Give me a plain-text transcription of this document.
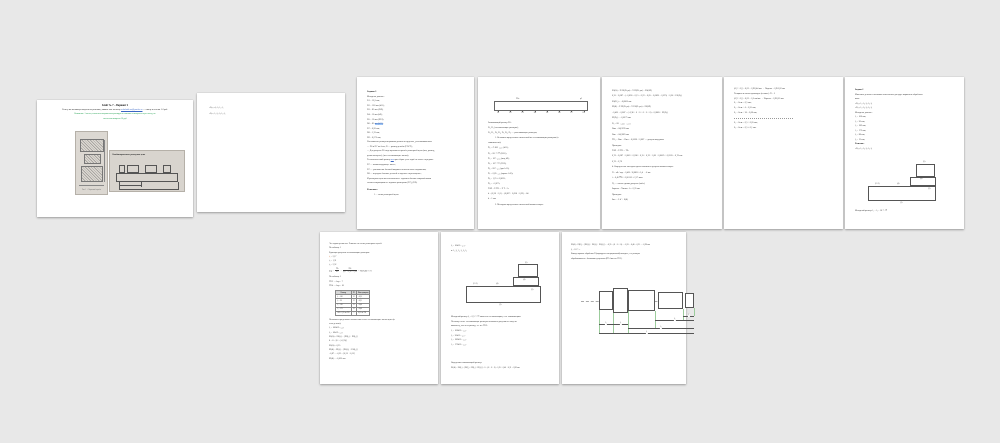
Зачёт № 7 – Вариант 2
Если у вас возникнут вопросы по решению, пишите мне на почту reshebnik.vm@yandex.ru — отвечу в течение 1-2 раб.
Внимание: 1 месяц с момента покупки консультирую и отвечаю на вопросы через почту, по
истечении вопросы 10 руб
Рис. 1 – Сборочный чертёж
Комбинированная размерная цепь
«D₅»; d₁; l₁; l₂; l₃
«D₁»; l₁; l₂; l₄; l₅; l₆
Задача 1
Исходные данные:
D1 = 10,5 мм;
D2 = 100 мм (h11);
D3 = 85 мм (JS9);
D4 = 10 мм (h9);
D5 = 10 мм (H12);
D6 = 85 мм (h11);
D7 = 0,85 мм;
D8 = 1,25 мм;
D9 = 0,075 мм;
Уменьшение размеров крышки должно в пределах, устанавливаемых:
— D5 и D7 на болт; D — размер резьбы (ГОСТ);
— Для допуска D5 надо произвести расчёт размерной цепи (вал, размер,
длина которого); (все составляющие звенья);
Технологический размер вал при сборке узла задаёт в классе передачи:
D7 — компенсирующее звено;
D7 — уменьшение базовой ширины относительно сопряжения;
D8 — передача базовых деталей в заданное перемещение;
И размерная цепь восстановления с заданием базово-сопряжёнными
соответствующими по заданию размерами (D7), (D9):
Решение:
1. – схема размерной цепи
D5ₙ	p3
D1	D2	D3	D4	D5	D6	D7	D8
Замыкающий размер D5:
D₁, D₂ (составляющие размеры);
D₃, D₄, D₅, D₆, D₇, D₈, D₉ — уменьшающие размеры;
1. Величина предельных отклонений по составляющим размерам (в
зависимости):
D̄₂ = ∅100₋₀,₀₈₇ (h11);
D̄₃ = 85⁺⁰·⁰⁸⁷ (JS11);
D̄₄ = 10⁰₋₀,₀₃₆ (мод h9);
D̄₅ = 10⁰⁺⁰·¹⁵ (H12);
D̄₆ = 85⁰₋₀,₂₂ (две h11);
D̄₇ = 0,85₋₀,₀₅ (прокл. h12);
D̄₈ = 1,25 ± 0,0625;
D̄₉ = ± 0,075;
TΔΣ = Σ TDᵢ = Σ Tᵢ + h
h = (0,20 + 0,1) − (0,087 + 0,036 + 0,22) = 64
h = 1 мм
2. Методика предельных отклонений компенсатора:
ES(Δ) = Σ ES(D̄ᵢ ув) − Σ EI(D̄ᵢ ум) = ES(ΔΣ)
0,35 + 0,087 = (−0,036 − 0,15 − 0,22 − 0,05 − 0,0625 − 0,075) + 0,36 + ES(D₃)
ES(D₃) = −0,6805 мм
EI(Δ) = Σ EI(D̄ᵢ ув) − Σ ES(D̄ᵢ ум) = EI(ΔΣ)
−0,435 − 0,087 = (−0,36 + 0 + 0 + 0 + 0 + 0) − 0,0805 + EI(D₃)
EI(D₃) = −0,6175 мм
D₃ = 85 ₋₀,₆₈₀₅ ₋₀,₆₁₇₅
Dₘᵢₙ = 84,3195 мм
Dₘₐₓ = 84,3825 мм
TD₃ = Dₘₐₓ − Dₘᵢₙ = 0,0630 < 0,087 — допуск выдержан
Проверка:
TΔΣ = Σ TDᵢ = TΔ
0,70 = 0,087 + 0,063 + 0,036 + 0,15 + 0,22 + 0,05 + 0,0625 + 0,0315 = 0,70 мм
0,70 = 0,70
4. Определение методом одного квалитета допуска компенсатора:
N = aΔ / aср = 0,435 / 0,0805 ≈ 5,4 → 6 шт
i = 0,45·∛D + 0,001·D ≈ 2,17 мкм
N₀ — число единиц допуска (табл.)
Δпрокл = Nкомп · h = 0,35 мм
Проверка:
Sₘₐₓ = 2·h′ + S(Δ)
(0,2 ÷ 0,1) · 0,02 = 0,9/0,44 мм → Nпрокл = 0,9/0,02 мм
Толщина и число прокладок (в запас): N = 5
(0,9 ÷ 0,1) · 0,02 = 0,5 мм/шт → Nпрокл = 0,9/0,05 мм
S̄₁ = S̄ₙₒₘ = 0,5 мм;
S̄₂ = S̄ₙₒₘ + δ = 0,55 мм;
S̄₃ = S̄ₙₒₘ + 2δ = 0,60 мм;
S̄₄ = S̄ₙₒₘ = 0,5 + 0,05 мм;
S̄₅ = S̄ₙₒₘ = 0,5 ± 0,1 мм.
Задача 2
Изменить детали и назначить отклонения для двух вариантов обработки
вала:
«D₅»; l₁; l₂; l₃; l₄; l₅
«D₁»; l₁; l₂; l₃; l₄; l₅
Исходные данные:
l₁ = 100 мм;
l₂ = 20 мм;
l₃ = 182 мм;
l₄ = 172 мм;
l₅ = 88 мм;
l₆ = 12 мм;
Решение:
«D₅»; l₁; l₂; l₃; l₄; l₅
(5)
(4)
(2÷6)	(4)
(3)
(1)
Исходный размер: l₄ = l₅ = 10⁺⁰·⁰²²
Эта задача решается. Решение по схеме размерных цепей.
По таблице 1
Единицы допусков составляющих размеров:
i₁ = 2,17
i₂ = 1,31
i₃ = 2,52
kср = $\frac{T\Delta}{\text{Σ iᵢ}} = \frac{700}{2,17 + 1,31 + 2,52} = 700/6,00 \approx 73$
По таблице 1
IT12 → kср = 7
IT14 → kср = 10
Размер	IT	Поле допуска
l₁ = 100	12	−0,35
l₂ = 20	12	−0,21
l₃ = 182	12	−0,40
l₄ = 172	12	−0,40
100 ± 0,35 на 700	—	0,35 на 700
Назначаем предельные отклонения на все составляющие звенья цепи (в
тело детали):
l₁ = 100h12₍₋₀,₃₅₎
l₅ = 10h12₍₋₀,₁₅₎
ES(Δ) = ES(l₁) − [EI(l₂) + EI(l₃)]
0 = 0 − [0 + (−0,35)]
ES(Δ) = 0,35
EI(Δ) = EI(l₁) − [ES(l₂) + ES(l₃)]
−0,87 = −0,35 − [0,35 + 0,15]
EI(Δ) = −0,635 мм
l₅ = 10h12₍₋₀,₁₅₎
и: l₁, l₂, l₃, l₄, l₅, l₆
(5)
(4)
(2÷6)	(4)
(3)
(1)
Исходный размер l₅ = 0,5⁺⁰·⁰²⁵ является составляющим, а не замыкающим.
Поэтому на все составляющие размеры назначаем допуски по тому же
квалитету, что и на размер, т.е. по IT12:
l₁ = 100h12₍₋₀,₃₅₎
l₂ = 20h12₍₋₀,₂₁₎
l₃ = 182h12₍₋₀,₄₀₎
l₄ = 172h12₍₋₀,₄₀₎
Определим замыкающий размер:
ES(Δ) = ES(l₁) − [EI(l₂) + EI(l₃) + EI(l₄)] = 0 − (0 + 0 + 0) = 0,35 + 0,40 + 0,21 = 0,96 мм
EI(Δ) = EI(l₁) − [ES(l₂) + ES(l₃) + ES(l₄)] = −0,35 − (0 + 0 + 0) = −0,35 − 0,40 − 0,21 = −0,96 мм
l₅ = 10⁺⁰·¹⁵
Вывод: вариант обработки II (маршрутно-операционный) выгоднее, т.к. размеры
обрабатываются с большими допусками (IT14 вместо IT12).
l₆
l₅
l₂	l₄
l₃
l₁
